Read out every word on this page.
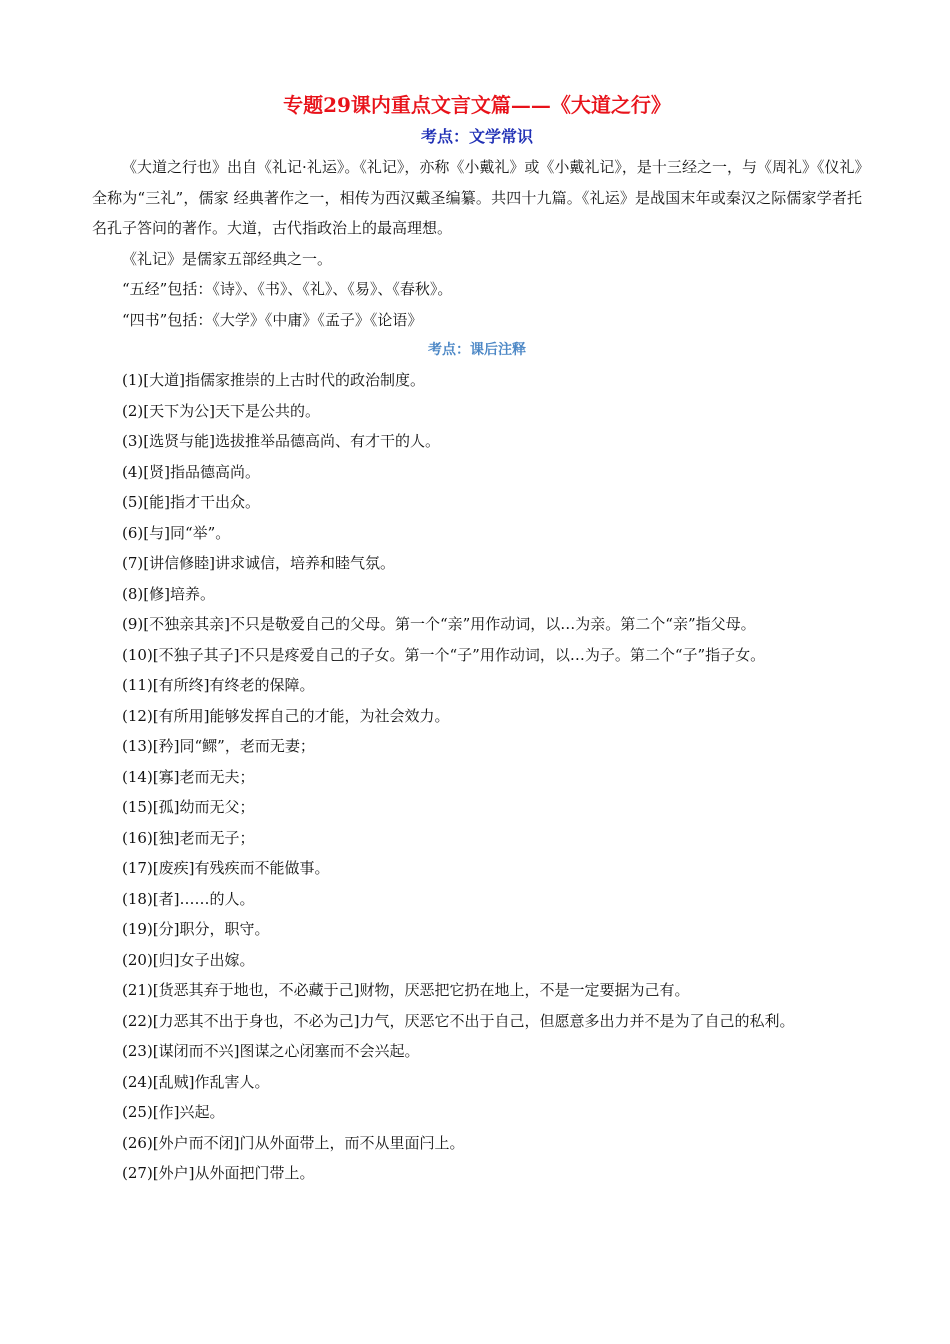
专题29课内重点文言文篇——《大道之行》
考点：文学常识

《大道之行也》出自《礼记·礼运》。《礼记》，亦称《小戴礼》或《小戴礼记》，是十三经之一，与《周礼》《仪礼》全称为“三礼”，儒家 经典著作之一，相传为西汉戴圣编纂。共四十九篇。《礼运》是战国末年或秦汉之际儒家学者托名孔子答问的著作。大道，古代指政治上的最高理想。

《礼记》是儒家五部经典之一。

“五经”包括：《诗》、《书》、《礼》、《易》、《春秋》。

“四书”包括：《大学》《中庸》《孟子》《论语》

考点：课后注释
(1)[大道]指儒家推崇的上古时代的政治制度。
(2)[天下为公]天下是公共的。
(3)[选贤与能]选拔推举品德高尚、有才干的人。
(4)[贤]指品德高尚。
(5)[能]指才干出众。
(6)[与]同“举”。
(7)[讲信修睦]讲求诚信，培养和睦气氛。
(8)[修]培养。
(9)[不独亲其亲]不只是敬爱自己的父母。第一个“亲”用作动词，以…为亲。第二个“亲”指父母。
(10)[不独子其子]不只是疼爱自己的子女。第一个“子”用作动词，以…为子。第二个“子”指子女。
(11)[有所终]有终老的保障。
(12)[有所用]能够发挥自己的才能，为社会效力。
(13)[矜]同“鳏”，老而无妻；
(14)[寡]老而无夫；
(15)[孤]幼而无父；
(16)[独]老而无子；
(17)[废疾]有残疾而不能做事。
(18)[者]……的人。
(19)[分]职分，职守。
(20)[归]女子出嫁。
(21)[货恶其弃于地也，不必藏于己]财物，厌恶把它扔在地上，不是一定要据为己有。
(22)[力恶其不出于身也，不必为己]力气，厌恶它不出于自己，但愿意多出力并不是为了自己的私利。
(23)[谋闭而不兴]图谋之心闭塞而不会兴起。
(24)[乱贼]作乱害人。
(25)[作]兴起。
(26)[外户而不闭]门从外面带上，而不从里面闩上。
(27)[外户]从外面把门带上。
